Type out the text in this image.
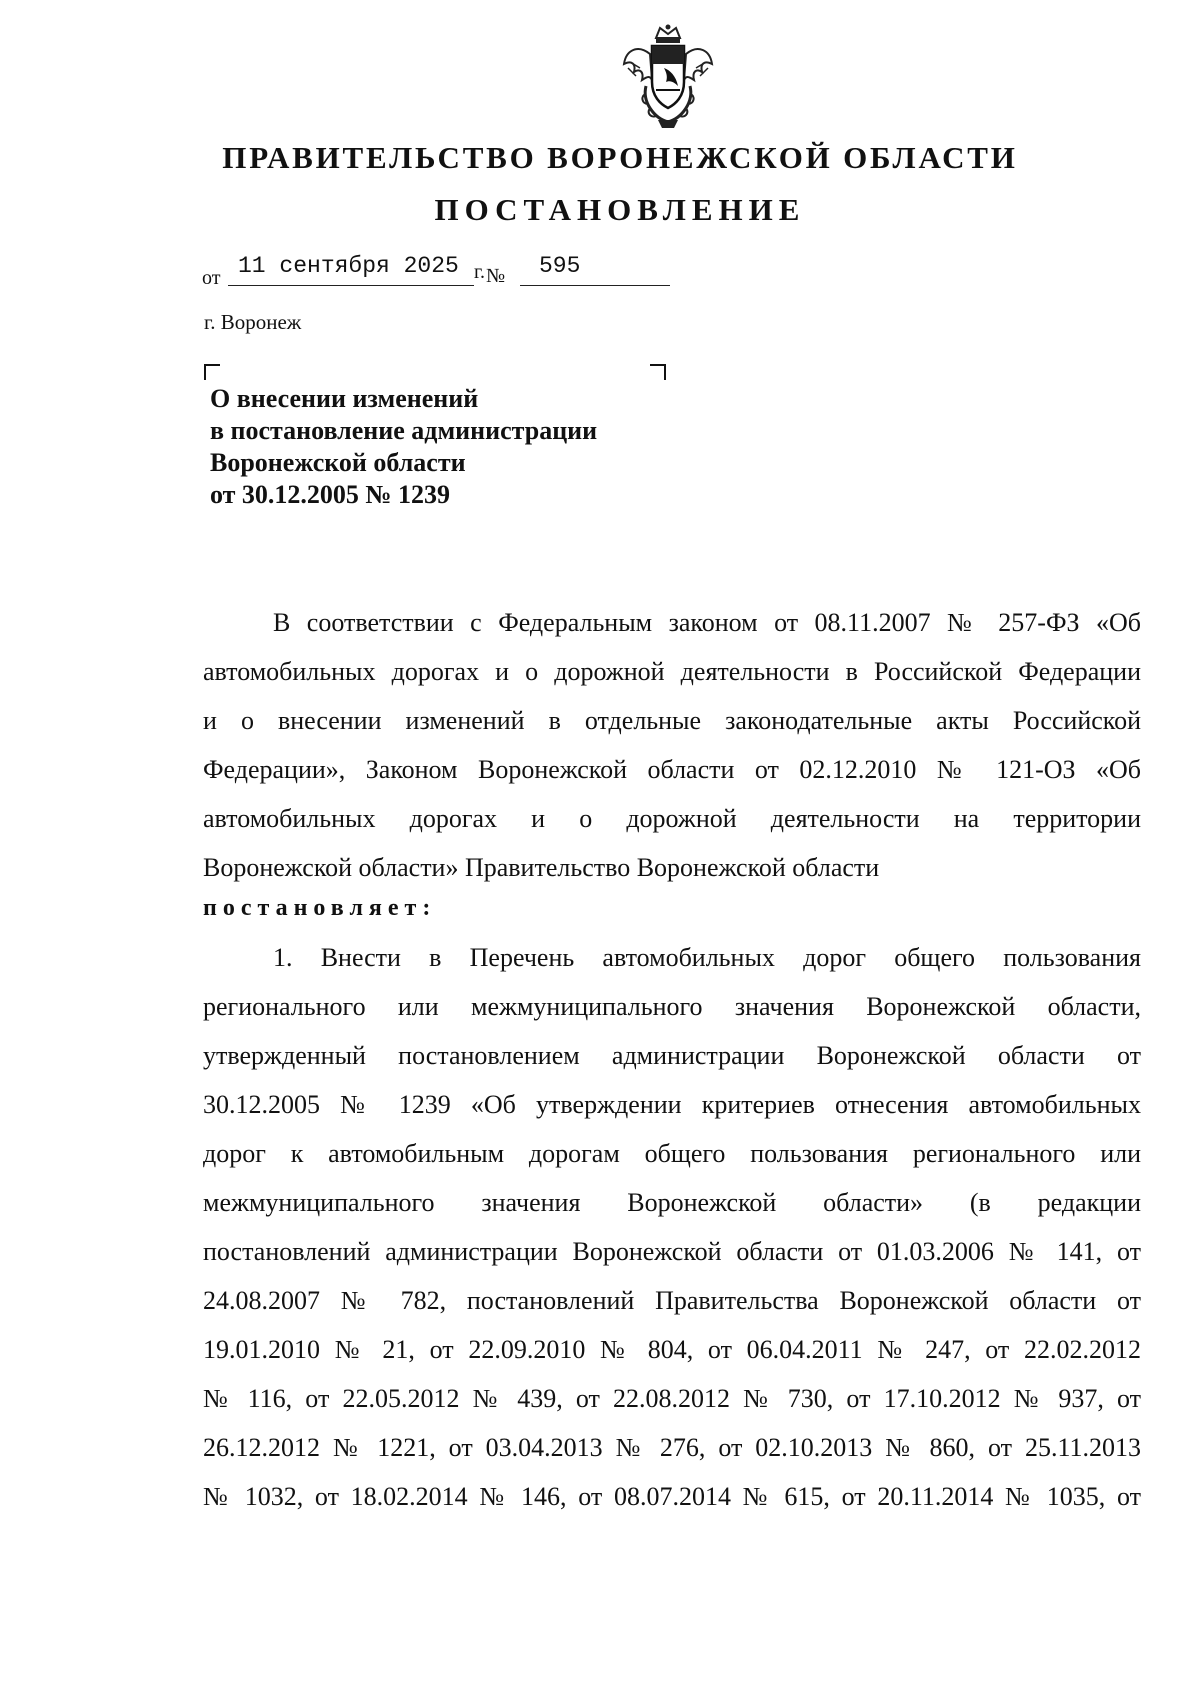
ПРАВИТЕЛЬСТВО ВОРОНЕЖСКОЙ ОБЛАСТИ
ПОСТАНОВЛЕНИЕ
от 11 сентября 2025 г. № 595
г. Воронеж
О внесении изменений
в постановление администрации
Воронежской области
от 30.12.2005 № 1239
В соответствии с Федеральным законом от 08.11.2007 № 257-ФЗ «Об
автомобильных дорогах и о дорожной деятельности в Российской Федерации
и о внесении изменений в отдельные законодательные акты Российской
Федерации», Законом Воронежской области от 02.12.2010 № 121-ОЗ «Об
автомобильных дорогах и о дорожной деятельности на территории
Воронежской области» Правительство Воронежской области
постановляет:
1. Внести в Перечень автомобильных дорог общего пользования
регионального или межмуниципального значения Воронежской области,
утвержденный постановлением администрации Воронежской области от
30.12.2005 № 1239 «Об утверждении критериев отнесения автомобильных
дорог к автомобильным дорогам общего пользования регионального или
межмуниципального значения Воронежской области» (в редакции
постановлений администрации Воронежской области от 01.03.2006 № 141, от
24.08.2007 № 782, постановлений Правительства Воронежской области от
19.01.2010 № 21, от 22.09.2010 № 804, от 06.04.2011 № 247, от 22.02.2012
№ 116, от 22.05.2012 № 439, от 22.08.2012 № 730, от 17.10.2012 № 937, от
26.12.2012 № 1221, от 03.04.2013 № 276, от 02.10.2013 № 860, от 25.11.2013
№ 1032, от 18.02.2014 № 146, от 08.07.2014 № 615, от 20.11.2014 № 1035, от
